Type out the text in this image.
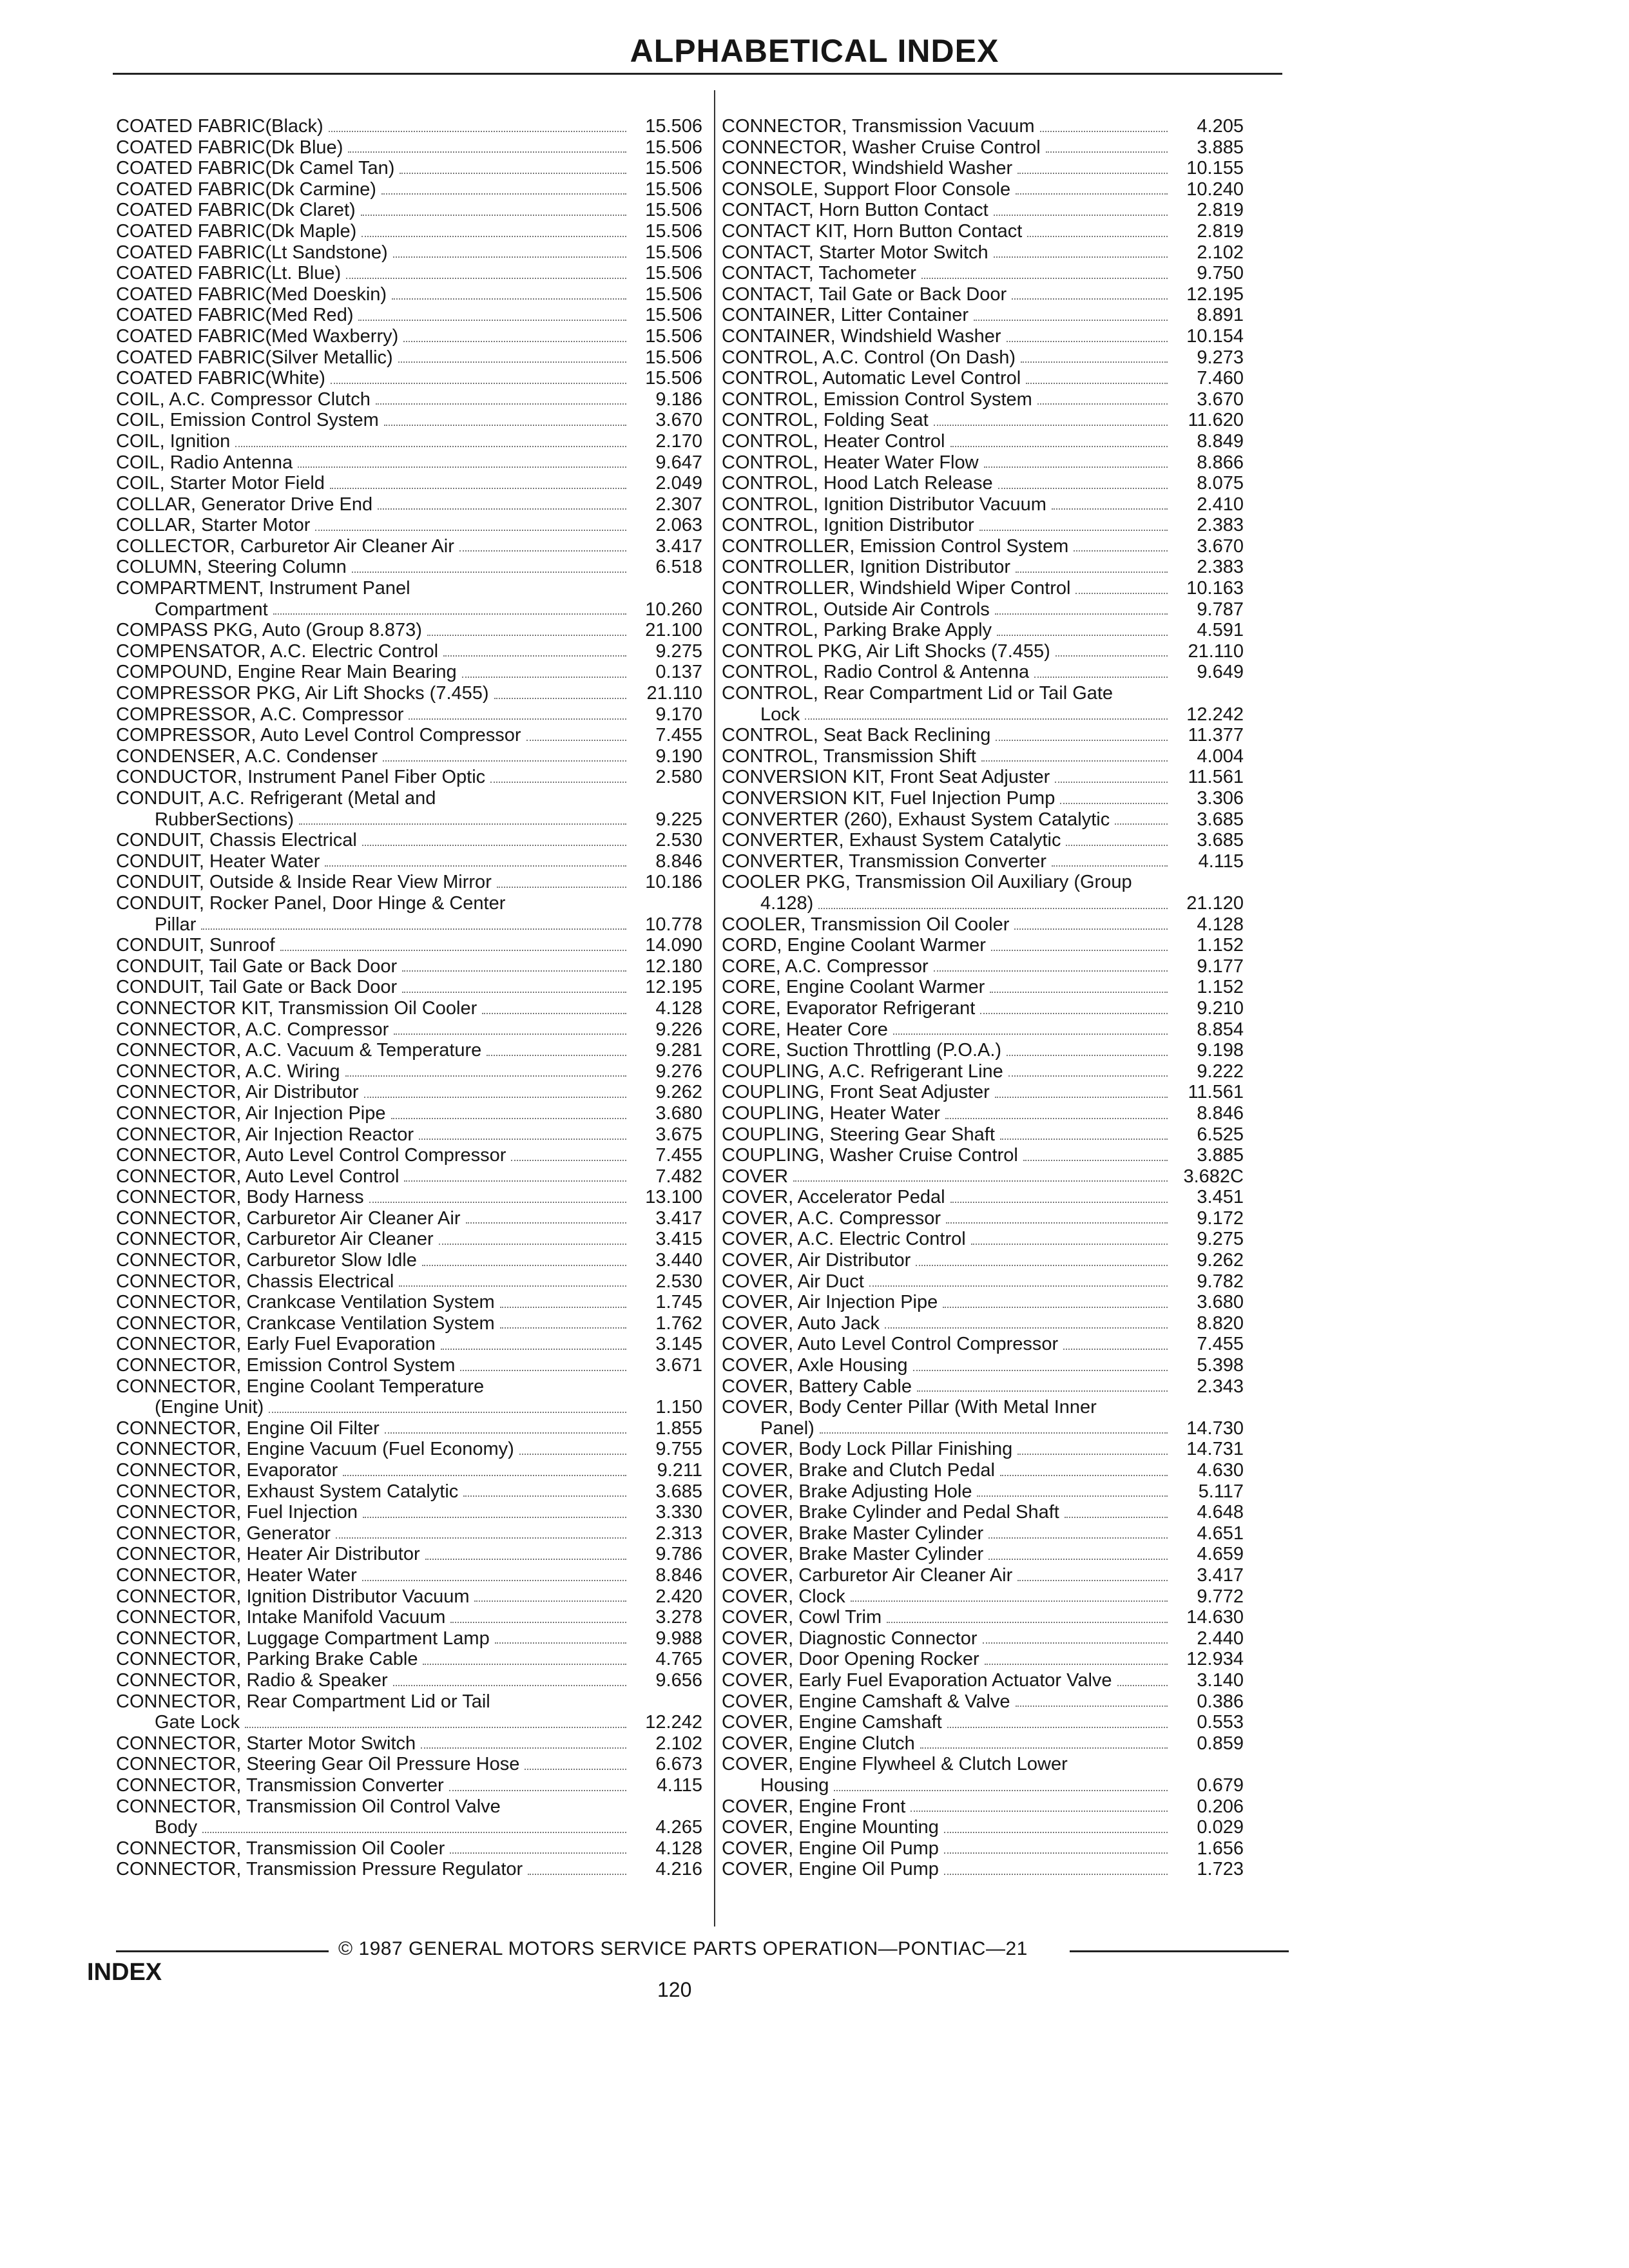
ALPHABETICAL INDEX
COATED FABRIC(Black)	15.506
COATED FABRIC(Dk Blue)	15.506
COATED FABRIC(Dk Camel Tan)	15.506
COATED FABRIC(Dk Carmine)	15.506
COATED FABRIC(Dk Claret)	15.506
COATED FABRIC(Dk Maple)	15.506
COATED FABRIC(Lt Sandstone)	15.506
COATED FABRIC(Lt. Blue)	15.506
COATED FABRIC(Med Doeskin)	15.506
COATED FABRIC(Med Red)	15.506
COATED FABRIC(Med Waxberry)	15.506
COATED FABRIC(Silver Metallic)	15.506
COATED FABRIC(White)	15.506
COIL, A.C. Compressor Clutch	9.186
COIL, Emission Control System	3.670
COIL, Ignition	2.170
COIL, Radio Antenna	9.647
COIL, Starter Motor Field	2.049
COLLAR, Generator Drive End	2.307
COLLAR, Starter Motor	2.063
COLLECTOR, Carburetor Air Cleaner Air	3.417
COLUMN, Steering Column	6.518
COMPARTMENT, Instrument Panel
Compartment	10.260
COMPASS PKG, Auto (Group 8.873)	21.100
COMPENSATOR, A.C. Electric Control	9.275
COMPOUND, Engine Rear Main Bearing	0.137
COMPRESSOR PKG, Air Lift Shocks (7.455)	21.110
COMPRESSOR, A.C. Compressor	9.170
COMPRESSOR, Auto Level Control Compressor	7.455
CONDENSER, A.C. Condenser	9.190
CONDUCTOR, Instrument Panel Fiber Optic	2.580
CONDUIT, A.C. Refrigerant (Metal and
RubberSections)	9.225
CONDUIT, Chassis Electrical	2.530
CONDUIT, Heater Water	8.846
CONDUIT, Outside & Inside Rear View Mirror	10.186
CONDUIT, Rocker Panel, Door Hinge & Center
Pillar	10.778
CONDUIT, Sunroof	14.090
CONDUIT, Tail Gate or Back Door	12.180
CONDUIT, Tail Gate or Back Door	12.195
CONNECTOR KIT, Transmission Oil Cooler	4.128
CONNECTOR, A.C. Compressor	9.226
CONNECTOR, A.C. Vacuum & Temperature	9.281
CONNECTOR, A.C. Wiring	9.276
CONNECTOR, Air Distributor	9.262
CONNECTOR, Air Injection Pipe	3.680
CONNECTOR, Air Injection Reactor	3.675
CONNECTOR, Auto Level Control Compressor	7.455
CONNECTOR, Auto Level Control	7.482
CONNECTOR, Body Harness	13.100
CONNECTOR, Carburetor Air Cleaner Air	3.417
CONNECTOR, Carburetor Air Cleaner	3.415
CONNECTOR, Carburetor Slow Idle	3.440
CONNECTOR, Chassis Electrical	2.530
CONNECTOR, Crankcase Ventilation System	1.745
CONNECTOR, Crankcase Ventilation System	1.762
CONNECTOR, Early Fuel Evaporation	3.145
CONNECTOR, Emission Control System	3.671
CONNECTOR, Engine Coolant Temperature
(Engine Unit)	1.150
CONNECTOR, Engine Oil Filter	1.855
CONNECTOR, Engine Vacuum (Fuel Economy)	9.755
CONNECTOR, Evaporator	9.211
CONNECTOR, Exhaust System Catalytic	3.685
CONNECTOR, Fuel Injection	3.330
CONNECTOR, Generator	2.313
CONNECTOR, Heater Air Distributor	9.786
CONNECTOR, Heater Water	8.846
CONNECTOR, Ignition Distributor Vacuum	2.420
CONNECTOR, Intake Manifold Vacuum	3.278
CONNECTOR, Luggage Compartment Lamp	9.988
CONNECTOR, Parking Brake Cable	4.765
CONNECTOR, Radio & Speaker	9.656
CONNECTOR, Rear Compartment Lid or Tail
Gate Lock	12.242
CONNECTOR, Starter Motor Switch	2.102
CONNECTOR, Steering Gear Oil Pressure Hose	6.673
CONNECTOR, Transmission Converter	4.115
CONNECTOR, Transmission Oil Control Valve
Body	4.265
CONNECTOR, Transmission Oil Cooler	4.128
CONNECTOR, Transmission Pressure Regulator	4.216
CONNECTOR, Transmission Vacuum	4.205
CONNECTOR, Washer Cruise Control	3.885
CONNECTOR, Windshield Washer	10.155
CONSOLE, Support Floor Console	10.240
CONTACT, Horn Button Contact	2.819
CONTACT KIT, Horn Button Contact	2.819
CONTACT, Starter Motor Switch	2.102
CONTACT, Tachometer	9.750
CONTACT, Tail Gate or Back Door	12.195
CONTAINER, Litter Container	8.891
CONTAINER, Windshield Washer	10.154
CONTROL, A.C. Control (On Dash)	9.273
CONTROL, Automatic Level Control	7.460
CONTROL, Emission Control System	3.670
CONTROL, Folding Seat	11.620
CONTROL, Heater Control	8.849
CONTROL, Heater Water Flow	8.866
CONTROL, Hood Latch Release	8.075
CONTROL, Ignition Distributor Vacuum	2.410
CONTROL, Ignition Distributor	2.383
CONTROLLER, Emission Control System	3.670
CONTROLLER, Ignition Distributor	2.383
CONTROLLER, Windshield Wiper Control	10.163
CONTROL, Outside Air Controls	9.787
CONTROL, Parking Brake Apply	4.591
CONTROL PKG, Air Lift Shocks (7.455)	21.110
CONTROL, Radio Control & Antenna	9.649
CONTROL, Rear Compartment Lid or Tail Gate
Lock	12.242
CONTROL, Seat Back Reclining	11.377
CONTROL, Transmission Shift	4.004
CONVERSION KIT, Front Seat Adjuster	11.561
CONVERSION KIT, Fuel Injection Pump	3.306
CONVERTER (260), Exhaust System Catalytic	3.685
CONVERTER, Exhaust System Catalytic	3.685
CONVERTER, Transmission Converter	4.115
COOLER PKG, Transmission Oil Auxiliary (Group
4.128)	21.120
COOLER, Transmission Oil Cooler	4.128
CORD, Engine Coolant Warmer	1.152
CORE, A.C. Compressor	9.177
CORE, Engine Coolant Warmer	1.152
CORE, Evaporator Refrigerant	9.210
CORE, Heater Core	8.854
CORE, Suction Throttling (P.O.A.)	9.198
COUPLING, A.C. Refrigerant Line	9.222
COUPLING, Front Seat Adjuster	11.561
COUPLING, Heater Water	8.846
COUPLING, Steering Gear Shaft	6.525
COUPLING, Washer Cruise Control	3.885
COVER	3.682C
COVER, Accelerator Pedal	3.451
COVER, A.C. Compressor	9.172
COVER, A.C. Electric Control	9.275
COVER, Air Distributor	9.262
COVER, Air Duct	9.782
COVER, Air Injection Pipe	3.680
COVER, Auto Jack	8.820
COVER, Auto Level Control Compressor	7.455
COVER, Axle Housing	5.398
COVER, Battery Cable	2.343
COVER, Body Center Pillar (With Metal Inner
Panel)	14.730
COVER, Body Lock Pillar Finishing	14.731
COVER, Brake and Clutch Pedal	4.630
COVER, Brake Adjusting Hole	5.117
COVER, Brake Cylinder and Pedal Shaft	4.648
COVER, Brake Master Cylinder	4.651
COVER, Brake Master Cylinder	4.659
COVER, Carburetor Air Cleaner Air	3.417
COVER, Clock	9.772
COVER, Cowl Trim	14.630
COVER, Diagnostic Connector	2.440
COVER, Door Opening Rocker	12.934
COVER, Early Fuel Evaporation Actuator Valve	3.140
COVER, Engine Camshaft & Valve	0.386
COVER, Engine Camshaft	0.553
COVER, Engine Clutch	0.859
COVER, Engine Flywheel & Clutch Lower
Housing	0.679
COVER, Engine Front	0.206
COVER, Engine Mounting	0.029
COVER, Engine Oil Pump	1.656
COVER, Engine Oil Pump	1.723
© 1987 GENERAL MOTORS SERVICE PARTS OPERATION—PONTIAC—21
INDEX
120
